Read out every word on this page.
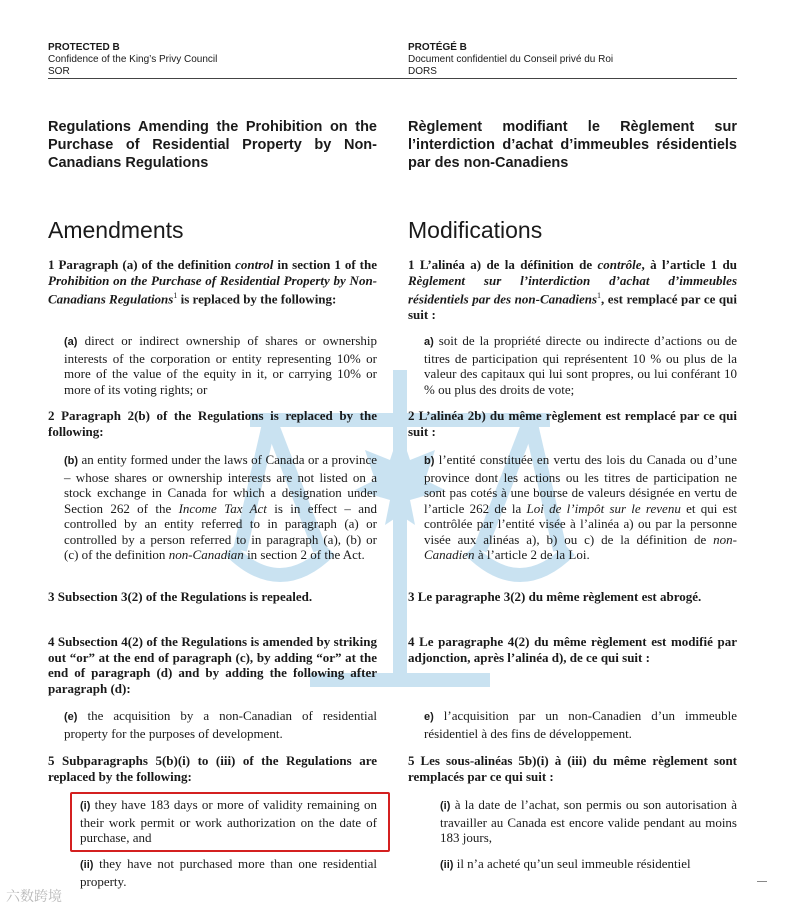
PROTECTED B
Confidence of the King’s Privy Council
SOR
PROTÉGÉ B
Document confidentiel du Conseil privé du Roi
DORS
Regulations Amending the Prohibition on the Purchase of Residential Property by Non-Canadians Regulations
Règlement modifiant le Règlement sur l’interdiction d’achat d’immeubles résidentiels par des non-Canadiens
Amendments	Modifications
1 Paragraph (a) of the definition control in section 1 of the Prohibition on the Purchase of Residential Property by Non-Canadians Regulations$^1$ is replaced by the following:
(a) direct or indirect ownership of shares or ownership interests of the corporation or entity representing 10% or more of the value of the equity in it, or carrying 10% or more of its voting rights; or
2 Paragraph 2(b) of the Regulations is replaced by the following:
(b) an entity formed under the laws of Canada or a province – whose shares or ownership interests are not listed on a stock exchange in Canada for which a designation under Section 262 of the Income Tax Act is in effect – and controlled by an entity referred to in paragraph (a) or controlled by a person referred to in paragraph (a), (b) or (c) of the definition non-Canadian in section 2 of the Act.
3 Subsection 3(2) of the Regulations is repealed.
4 Subsection 4(2) of the Regulations is amended by striking out “or” at the end of paragraph (c), by adding “or” at the end of paragraph (d) and by adding the following after paragraph (d):
(e) the acquisition by a non-Canadian of residential property for the purposes of development.
5 Subparagraphs 5(b)(i) to (iii) of the Regulations are replaced by the following:
(i) they have 183 days or more of validity remaining on their work permit or work authorization on the date of purchase, and
(ii) they have not purchased more than one residential property.
1 L’alinéa a) de la définition de contrôle, à l’article 1 du Règlement sur l’interdiction d’achat d’immeubles résidentiels par des non-Canadiens$^1$, est remplacé par ce qui suit :
a) soit de la propriété directe ou indirecte d’actions ou de titres de participation qui représentent 10 % ou plus de la valeur des capitaux qui lui sont propres, ou lui conférant 10 % ou plus des droits de vote;
2 L’alinéa 2b) du même règlement est remplacé par ce qui suit :
b) l’entité constituée en vertu des lois du Canada ou d’une province dont les actions ou les titres de participation ne sont pas cotés à une bourse de valeurs désignée en vertu de l’article 262 de la Loi de l’impôt sur le revenu et qui est contrôlée par l’entité visée à l’alinéa a) ou par la personne visée aux alinéas a), b) ou c) de la définition de non-Canadien à l’article 2 de la Loi.
3 Le paragraphe 3(2) du même règlement est abrogé.
4 Le paragraphe 4(2) du même règlement est modifié par adjonction, après l’alinéa d), de ce qui suit :
e) l’acquisition par un non-Canadien d’un immeuble résidentiel à des fins de développement.
5 Les sous-alinéas 5b)(i) à (iii) du même règlement sont remplacés par ce qui suit :
(i) à la date de l’achat, son permis ou son autorisation à travailler au Canada est encore valide pendant au moins 183 jours,
(ii) il n’a acheté qu’un seul immeuble résidentiel
六数跨境
